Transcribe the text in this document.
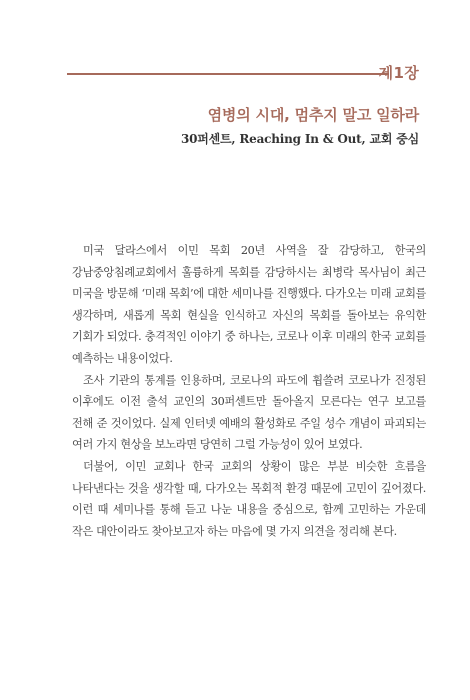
제1장
염병의 시대, 멈추지 말고 일하라
30퍼센트, Reaching In & Out, 교회 중심

미국 달라스에서 이민 목회 20년 사역을 잘 감당하고, 한국의 강남중앙침례교회에서 훌륭하게 목회를 감당하시는 최병락 목사님이 최근 미국을 방문해 ‘미래 목회’에 대한 세미나를 진행했다. 다가오는 미래 교회를 생각하며, 새롭게 목회 현실을 인식하고 자신의 목회를 돌아보는 유익한 기회가 되었다. 충격적인 이야기 중 하나는, 코로나 이후 미래의 한국 교회를 예측하는 내용이었다.

조사 기관의 통계를 인용하며, 코로나의 파도에 휩쓸려 코로나가 진정된 이후에도 이전 출석 교인의 30퍼센트만 돌아올지 모른다는 연구 보고를 전해 준 것이었다. 실제 인터넷 예배의 활성화로 주일 성수 개념이 파괴되는 여러 가지 현상을 보노라면 당연히 그럴 가능성이 있어 보였다.

더불어, 이민 교회나 한국 교회의 상황이 많은 부분 비슷한 흐름을 나타낸다는 것을 생각할 때, 다가오는 목회적 환경 때문에 고민이 깊어졌다. 이런 때 세미나를 통해 듣고 나눈 내용을 중심으로, 함께 고민하는 가운데 작은 대안이라도 찾아보고자 하는 마음에 몇 가지 의견을 정리해 본다.
